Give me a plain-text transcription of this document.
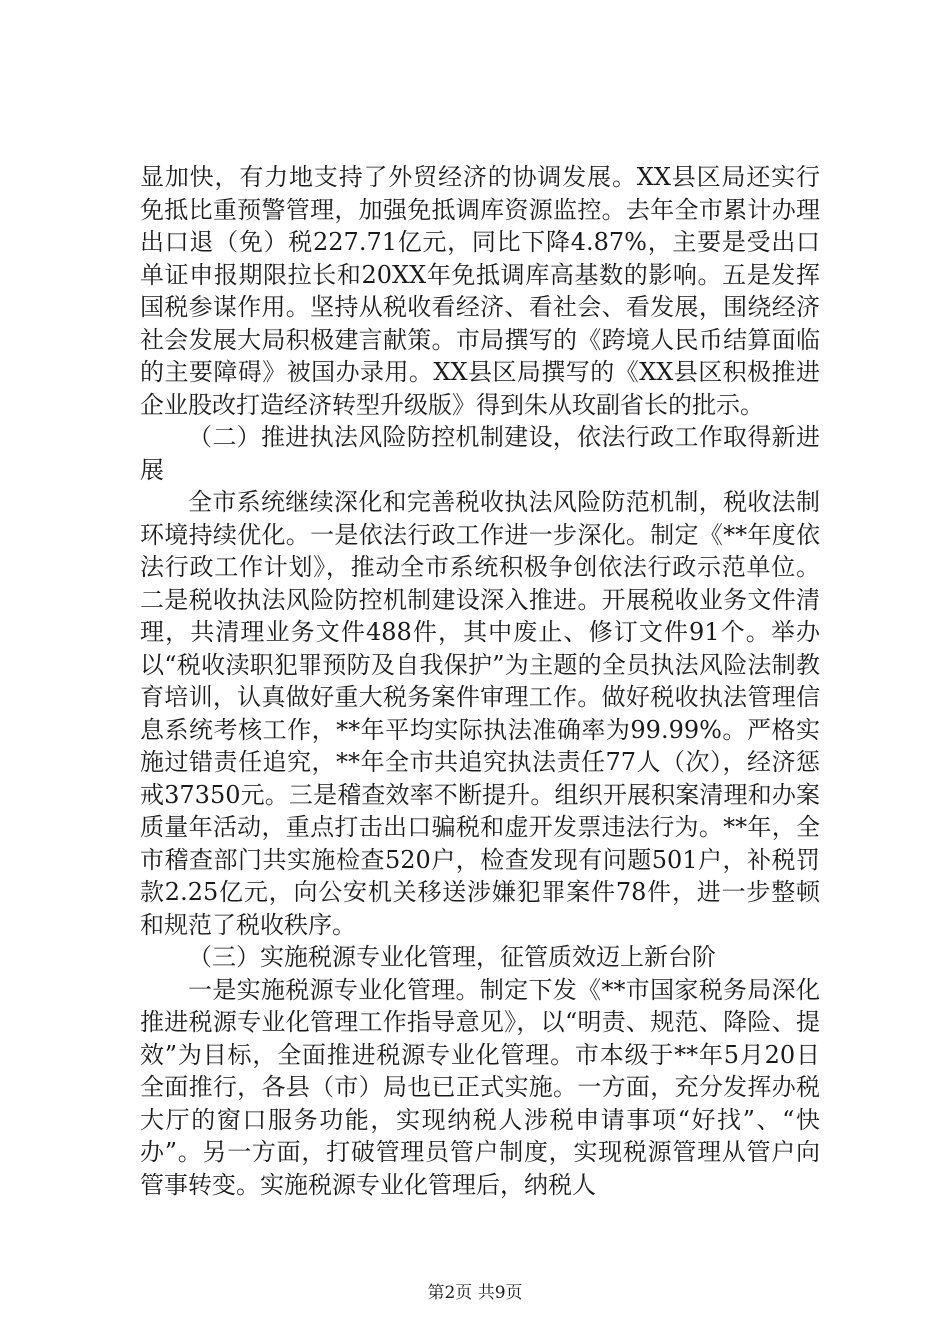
显加快，有力地支持了外贸经济的协调发展。XX县区局还实行免抵比重预警管理，加强免抵调库资源监控。去年全市累计办理出口退（免）税227.71亿元，同比下降4.87%，主要是受出口单证申报期限拉长和20XX年免抵调库高基数的影响。五是发挥国税参谋作用。坚持从税收看经济、看社会、看发展，围绕经济社会发展大局积极建言献策。市局撰写的《跨境人民币结算面临的主要障碍》被国办录用。XX县区局撰写的《XX县区积极推进企业股改打造经济转型升级版》得到朱从玫副省长的批示。

（二）推进执法风险防控机制建设，依法行政工作取得新进展

全市系统继续深化和完善税收执法风险防范机制，税收法制环境持续优化。一是依法行政工作进一步深化。制定《**年度依法行政工作计划》，推动全市系统积极争创依法行政示范单位。二是税收执法风险防控机制建设深入推进。开展税收业务文件清理，共清理业务文件488件，其中废止、修订文件91个。举办以“税收渎职犯罪预防及自我保护”为主题的全员执法风险法制教育培训，认真做好重大税务案件审理工作。做好税收执法管理信息系统考核工作，**年平均实际执法准确率为99.99%。严格实施过错责任追究，**年全市共追究执法责任77人（次），经济惩戒37350元。三是稽查效率不断提升。组织开展积案清理和办案质量年活动，重点打击出口骗税和虚开发票违法行为。**年，全市稽查部门共实施检查520户，检查发现有问题501户，补税罚款2.25亿元，向公安机关移送涉嫌犯罪案件78件，进一步整顿和规范了税收秩序。

（三）实施税源专业化管理，征管质效迈上新台阶

一是实施税源专业化管理。制定下发《**市国家税务局深化推进税源专业化管理工作指导意见》，以“明责、规范、降险、提效”为目标，全面推进税源专业化管理。市本级于**年5月20日全面推行，各县（市）局也已正式实施。一方面，充分发挥办税大厅的窗口服务功能，实现纳税人涉税申请事项“好找”、“快办”。另一方面，打破管理员管户制度，实现税源管理从管户向管事转变。实施税源专业化管理后，纳税人

第2页 共9页
